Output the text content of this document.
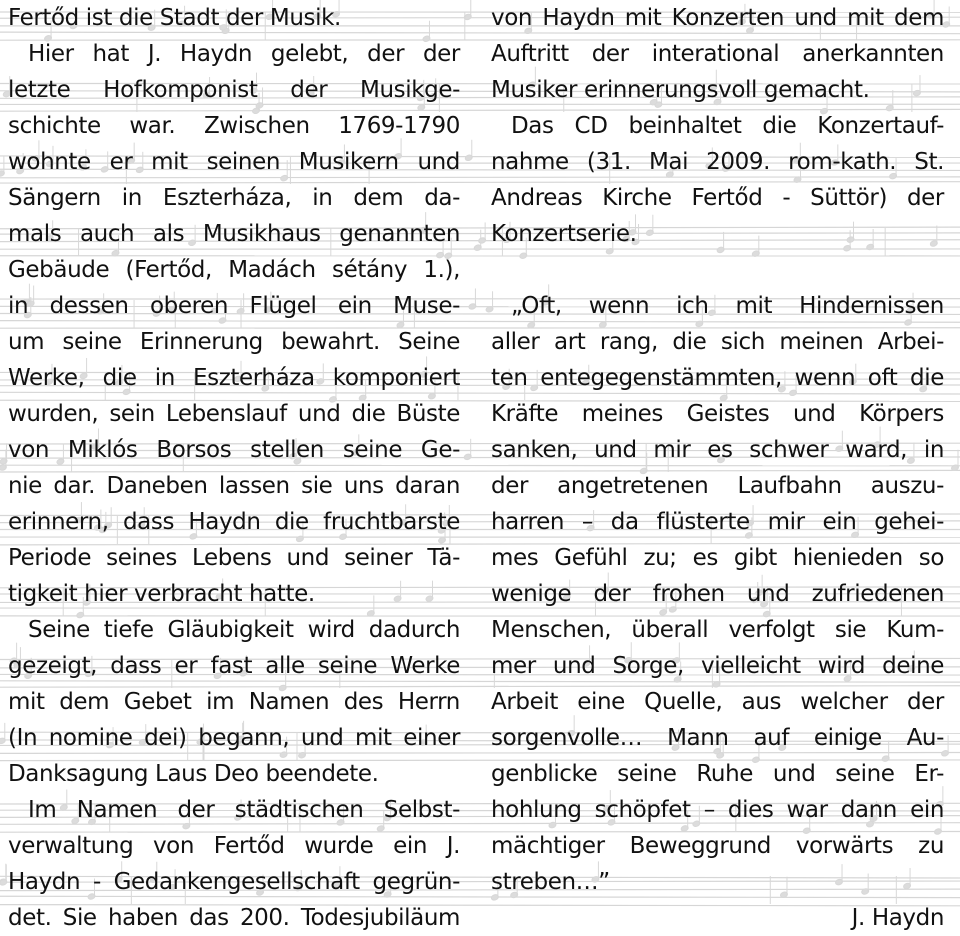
Fertőd ist die Stadt der Musik.
Hier hat J. Haydn gelebt, der der
letzte Hofkomponist der Musikge-
schichte war. Zwischen 1769-1790
wohnte er mit seinen Musikern und
Sängern in Eszterháza, in dem da-
mals auch als Musikhaus genannten
Gebäude (Fertőd, Madách sétány 1.),
in dessen oberen Flügel ein Muse-
um seine Erinnerung bewahrt. Seine
Werke, die in Eszterháza komponiert
wurden, sein Lebenslauf und die Büste
von Miklós Borsos stellen seine Ge-
nie dar. Daneben lassen sie uns daran
erinnern, dass Haydn die fruchtbarste
Periode seines Lebens und seiner Tä-
tigkeit hier verbracht hatte.
Seine tiefe Gläubigkeit wird dadurch
gezeigt, dass er fast alle seine Werke
mit dem Gebet im Namen des Herrn
(In nomine dei) begann, und mit einer
Danksagung Laus Deo beendete.
Im Namen der städtischen Selbst-
verwaltung von Fertőd wurde ein J.
Haydn - Gedankengesellschaft gegrün-
det. Sie haben das 200. Todesjubiläum
von Haydn mit Konzerten und mit dem
Auftritt der interational anerkannten
Musiker erinnerungsvoll gemacht.
Das CD beinhaltet die Konzertauf-
nahme (31. Mai 2009. rom-kath. St.
Andreas Kirche Fertőd - Süttör) der
Konzertserie.
„Oft, wenn ich mit Hindernissen
aller art rang, die sich meinen Arbei-
ten entegegenstämmten, wenn oft die
Kräfte meines Geistes und Körpers
sanken, und mir es schwer ward, in
der angetretenen Laufbahn auszu-
harren – da flüsterte mir ein gehei-
mes Gefühl zu; es gibt hienieden so
wenige der frohen und zufriedenen
Menschen, überall verfolgt sie Kum-
mer und Sorge, vielleicht wird deine
Arbeit eine Quelle, aus welcher der
sorgenvolle… Mann auf einige Au-
genblicke seine Ruhe und seine Er-
hohlung schöpfet – dies war dann ein
mächtiger Beweggrund vorwärts zu
streben…”
J. Haydn
